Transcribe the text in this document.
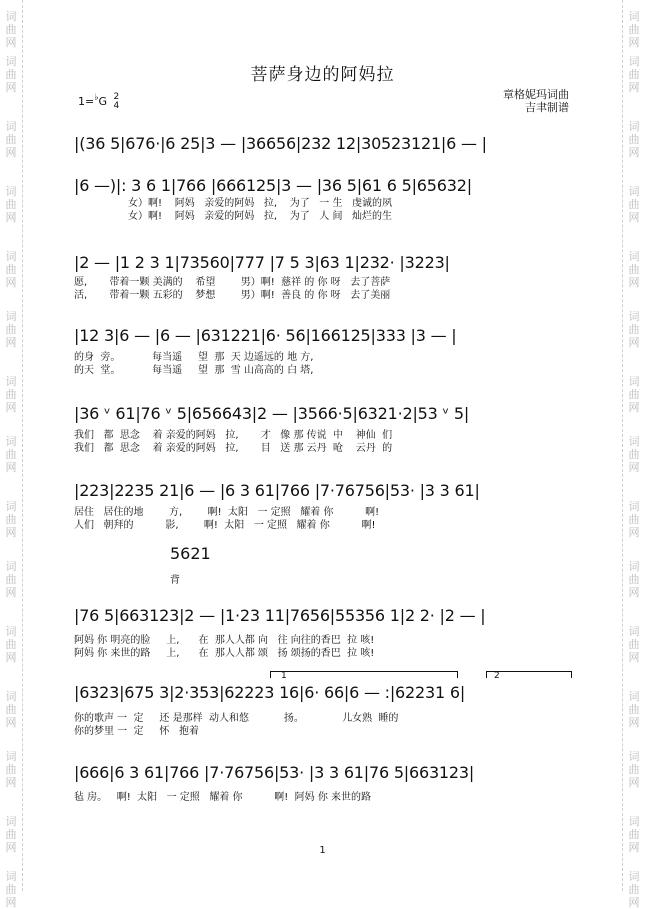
词
曲
网
词
曲
网
词
曲
网
词
曲
网
词
曲
网
词
曲
网
词
曲
网
词
曲
网
词
曲
网
词
曲
网
词
曲
网
词
曲
网
词
曲
网
词
曲
网
词
曲
网
词
曲
网
词
曲
网
词
曲
网
词
曲
网
词
曲
网
词
曲
网
词
曲
网
词
曲
网
词
曲
网
词
曲
网
词
曲
网
词
曲
网
词
曲
网
词
曲
网
词
曲
网
菩萨身边的阿妈拉
章格妮玛词曲
吉聿制谱
1=♭G 2
4
|(36 5|676·|6 25|3 — |36656|232 12|30523121|6 — |
|6 —)|: 3 6 1|766 |666125|3 — |36 5|61 6 5|65632|
女）啊!    阿妈   亲爱的阿妈   拉,    为了   一 生   虔诚的夙
女）啊!    阿妈   亲爱的阿妈   拉,    为了   人 间   灿烂的生
|2 — |1 2 3 1|73560|777 |7 5 3|63 1|232· |3223|
愿,       带着一颗 美满的    希望        男）啊!  慈祥 的 你 呀   去了菩萨
活,       带着一颗 五彩的    梦想        男）啊!  善良 的 你 呀   去了美丽
|12 3|6 — |6 — |631221|6· 56|166125|333 |3 — |
的身  旁。          每当遥     望  那  天 边遥远的 地 方,
的天  堂。          每当遥     望  那  雪 山高高的 白 塔,
|36 ᵛ 61|76 ᵛ 5|656643|2 — |3566·5|6321·2|53 ᵛ 5|
我们   都  思念    着 亲爱的阿妈   拉,       才   像 那 传说  中    神仙  们
我们   都  思念    着 亲爱的阿妈   拉,       目   送 那 云丹  呛    云丹  的
|223|2235 21|6 — |6 3 61|766 |7·76756|53· |3 3 61|
居住   居住的地        方,        啊!  太阳   一 定照   耀着 你          啊!
人们   朝拜的          影,        啊!  太阳   一 定照   耀着 你          啊!
5621
背
|76 5|663123|2 — |1·23 11|7656|55356 1|2 2· |2 — |
阿妈 你 明亮的脸     上,      在  那人人都 向   往 向往的香巴  拉 咳!
阿妈 你 来世的路     上,      在  那人人都 颂   扬 颂扬的香巴  拉 咳!
1	2
|6323|675 3|2·353|62223 16|6· 66|6 — :|62231 6|
你的歌声 一  定     还 是那样  动人和悠           扬。            儿女熟  睡的
你的梦里 一  定     怀   抱着
|666|6 3 61|766 |7·76756|53· |3 3 61|76 5|663123|
毡 房。   啊!  太阳   一 定照   耀着 你          啊!  阿妈 你 来世的路
1
